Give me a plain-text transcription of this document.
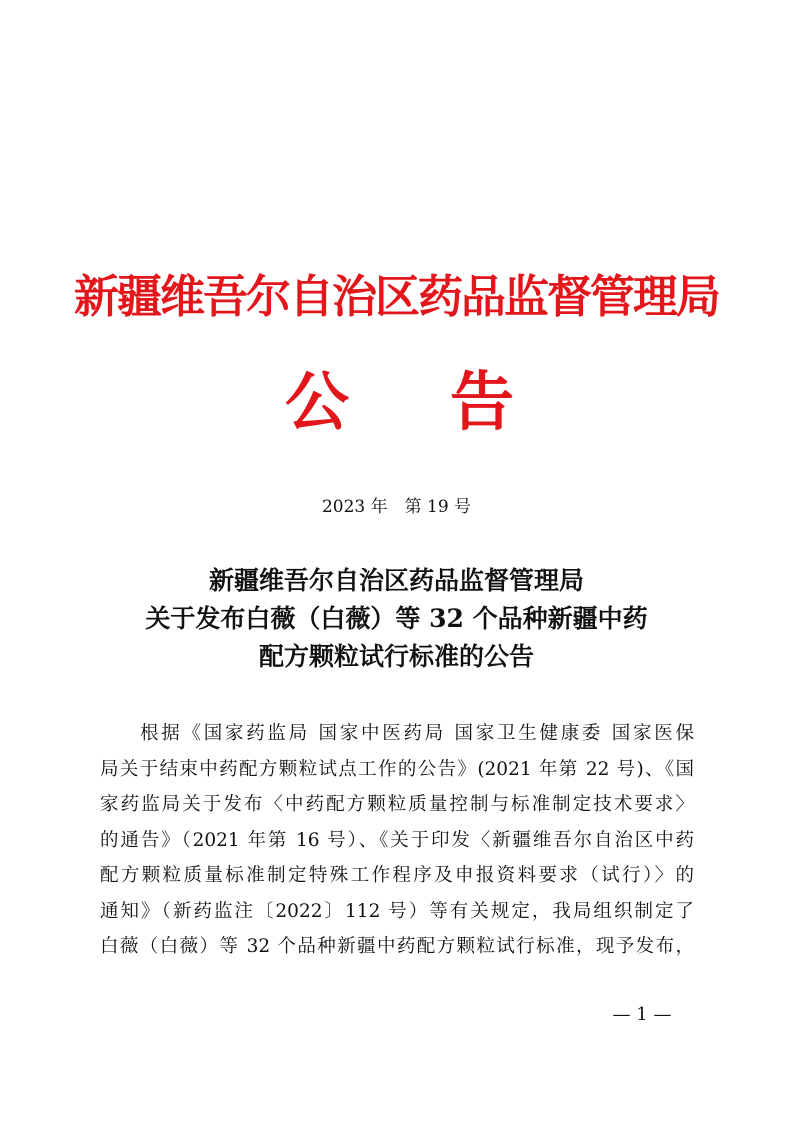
新疆维吾尔自治区药品监督管理局
公 告
2023 年　第 19 号
新疆维吾尔自治区药品监督管理局
关于发布白薇（白薇）等 32 个品种新疆中药
配方颗粒试行标准的公告
根据《国家药监局 国家中医药局 国家卫生健康委 国家医保
局关于结束中药配方颗粒试点工作的公告》(2021 年第 22 号)、《国
家药监局关于发布〈中药配方颗粒质量控制与标准制定技术要求〉
的通告》（2021 年第 16 号）、《关于印发〈新疆维吾尔自治区中药
配方颗粒质量标准制定特殊工作程序及申报资料要求（试行）〉的
通知》（新药监注〔2022〕112 号）等有关规定，我局组织制定了
白薇（白薇）等 32 个品种新疆中药配方颗粒试行标准，现予发布，
— 1 —
